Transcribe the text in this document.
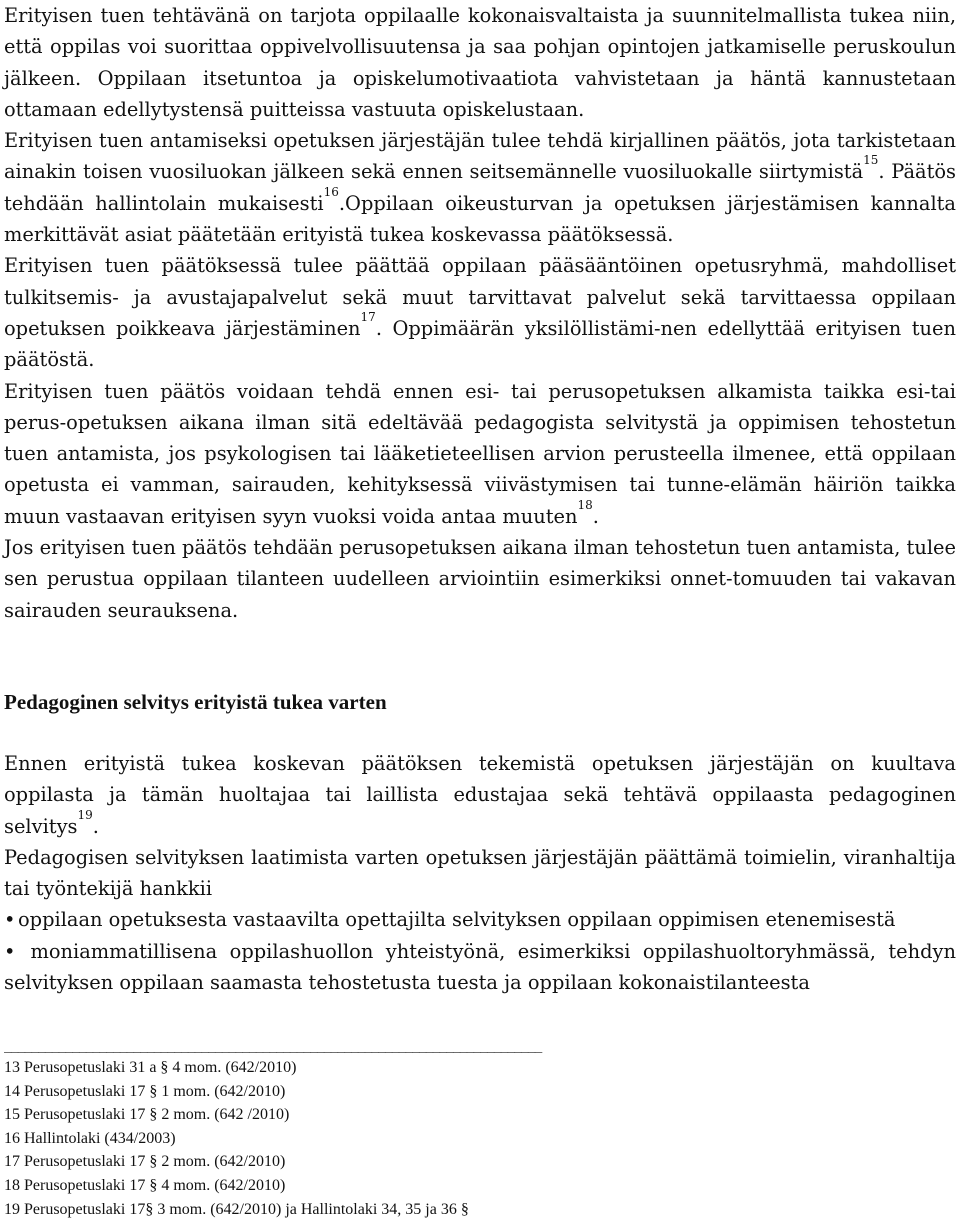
Erityisen tuen tehtävänä on tarjota oppilaalle kokonaisvaltaista ja suunnitelmallista tukea niin, että oppilas voi suorittaa oppivelvollisuutensa ja saa pohjan opintojen jatkamiselle peruskoulun jälkeen. Oppilaan itsetuntoa ja opiskelumotivaatiota vahvistetaan ja häntä kannustetaan ottamaan edellytystensä puitteissa vastuuta opiskelustaan.

Erityisen tuen antamiseksi opetuksen järjestäjän tulee tehdä kirjallinen päätös, jota tarkistetaan ainakin toisen vuosiluokan jälkeen sekä ennen seitsemännelle vuosiluokalle siirtymistä$^{15}$. Päätös tehdään hallintolain mukaisesti$^{16}$.Oppilaan oikeusturvan ja opetuksen järjestämisen kannalta merkittävät asiat päätetään erityistä tukea koskevassa päätöksessä.

Erityisen tuen päätöksessä tulee päättää oppilaan pääsääntöinen opetusryhmä, mahdolliset tulkitsemis- ja avustajapalvelut sekä muut tarvittavat palvelut sekä tarvittaessa oppilaan opetuksen poikkeava järjestäminen$^{17}$. Oppimäärän yksilöllistämi-nen edellyttää erityisen tuen päätöstä.

Erityisen tuen päätös voidaan tehdä ennen esi- tai perusopetuksen alkamista taikka esi-tai perus-opetuksen aikana ilman sitä edeltävää pedagogista selvitystä ja oppimisen tehostetun tuen antamista, jos psykologisen tai lääketieteellisen arvion perusteella ilmenee, että oppilaan opetusta ei vamman, sairauden, kehityksessä viivästymisen tai tunne-elämän häiriön taikka muun vastaavan erityisen syyn vuoksi voida antaa muuten$^{18}$.

Jos erityisen tuen päätös tehdään perusopetuksen aikana ilman tehostetun tuen antamista, tulee sen perustua oppilaan tilanteen uudelleen arviointiin esimerkiksi onnet-tomuuden tai vakavan sairauden seurauksena.

Pedagoginen selvitys erityistä tukea varten

Ennen erityistä tukea koskevan päätöksen tekemistä opetuksen järjestäjän on kuultava oppilasta ja tämän huoltajaa tai laillista edustajaa sekä tehtävä oppilaasta pedagoginen selvitys$^{19}$.

Pedagogisen selvityksen laatimista varten opetuksen järjestäjän päättämä toimielin, viranhaltija tai työntekijä hankkii

• oppilaan opetuksesta vastaavilta opettajilta selvityksen oppilaan oppimisen etenemisestä
• moniammatillisena oppilashuollon yhteistyönä, esimerkiksi oppilashuoltoryhmässä, tehdyn selvityksen oppilaan saamasta tehostetusta tuesta ja oppilaan kokonaistilanteesta
_______________________________________________________________________________

13 Perusopetuslaki 31 a § 4 mom. (642/2010)

14 Perusopetuslaki 17 § 1 mom. (642/2010)

15 Perusopetuslaki 17 § 2 mom. (642 /2010)

16 Hallintolaki (434/2003)

17 Perusopetuslaki 17 § 2 mom. (642/2010)

18 Perusopetuslaki 17 § 4 mom. (642/2010)

19 Perusopetuslaki 17§ 3 mom. (642/2010) ja Hallintolaki 34, 35 ja 36 §
